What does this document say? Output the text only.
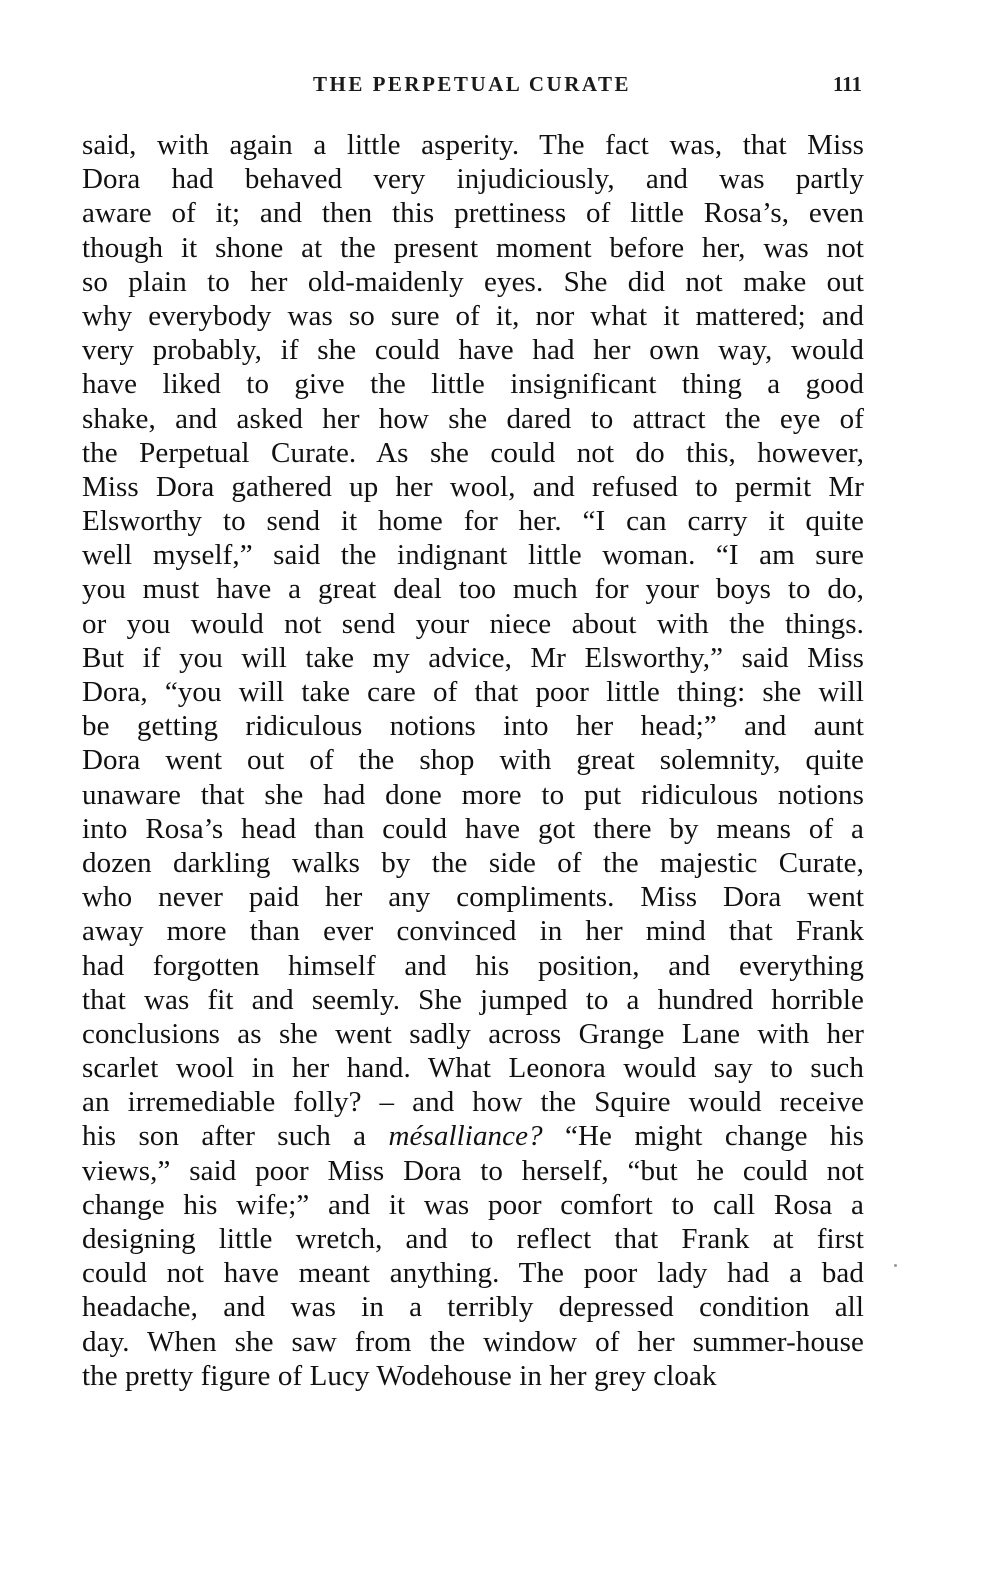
THE PERPETUAL CURATE	111
said, with again a little asperity. The fact was, that Miss
Dora had behaved very injudiciously, and was partly
aware of it; and then this prettiness of little Rosa’s, even
though it shone at the present moment before her, was not
so plain to her old-maidenly eyes. She did not make out
why everybody was so sure of it, nor what it mattered; and
very probably, if she could have had her own way, would
have liked to give the little insignificant thing a good
shake, and asked her how she dared to attract the eye of
the Perpetual Curate. As she could not do this, however,
Miss Dora gathered up her wool, and refused to permit Mr
Elsworthy to send it home for her. “I can carry it quite
well myself,” said the indignant little woman. “I am sure
you must have a great deal too much for your boys to do,
or you would not send your niece about with the things.
But if you will take my advice, Mr Elsworthy,” said Miss
Dora, “you will take care of that poor little thing: she will
be getting ridiculous notions into her head;” and aunt
Dora went out of the shop with great solemnity, quite
unaware that she had done more to put ridiculous notions
into Rosa’s head than could have got there by means of a
dozen darkling walks by the side of the majestic Curate,
who never paid her any compliments. Miss Dora went
away more than ever convinced in her mind that Frank
had forgotten himself and his position, and everything
that was fit and seemly. She jumped to a hundred horrible
conclusions as she went sadly across Grange Lane with her
scarlet wool in her hand. What Leonora would say to such
an irremediable folly? – and how the Squire would receive
his son after such a mésalliance? “He might change his
views,” said poor Miss Dora to herself, “but he could not
change his wife;” and it was poor comfort to call Rosa a
designing little wretch, and to reflect that Frank at first
could not have meant anything. The poor lady had a bad
headache, and was in a terribly depressed condition all
day. When she saw from the window of her summer-house
the pretty figure of Lucy Wodehouse in her grey cloak
